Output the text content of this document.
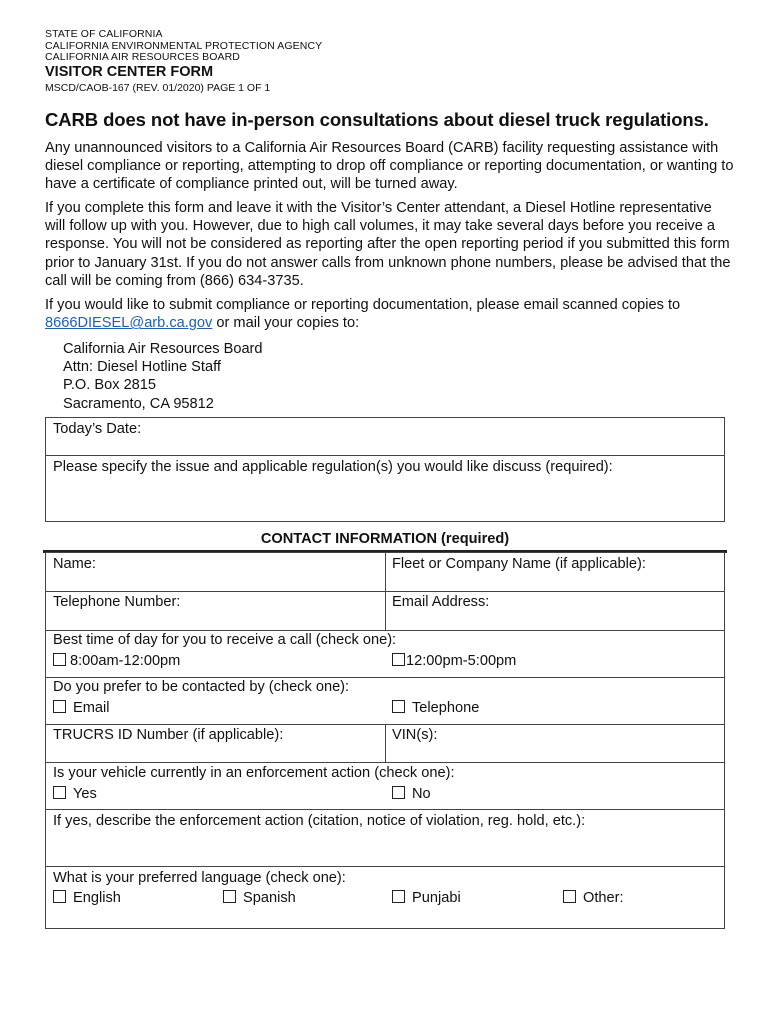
STATE OF CALIFORNIA
CALIFORNIA ENVIRONMENTAL PROTECTION AGENCY
CALIFORNIA AIR RESOURCES BOARD
VISITOR CENTER FORM
MSCD/CAOB-167 (REV. 01/2020) PAGE 1 OF 1
CARB does not have in-person consultations about diesel truck regulations.
Any unannounced visitors to a California Air Resources Board (CARB) facility requesting assistance with diesel compliance or reporting, attempting to drop off compliance or reporting documentation, or wanting to have a certificate of compliance printed out, will be turned away.
If you complete this form and leave it with the Visitor’s Center attendant, a Diesel Hotline representative will follow up with you. However, due to high call volumes, it may take several days before you receive a response. You will not be considered as reporting after the open reporting period if you submitted this form prior to January 31st. If you do not answer calls from unknown phone numbers, please be advised that the call will be coming from (866) 634-3735.
If you would like to submit compliance or reporting documentation, please email scanned copies to 8666DIESEL@arb.ca.gov or mail your copies to:
California Air Resources Board
Attn: Diesel Hotline Staff
P.O. Box 2815
Sacramento, CA 95812
Today’s Date:
Please specify the issue and applicable regulation(s) you would like discuss (required):
CONTACT INFORMATION (required)
Name:	Fleet or Company Name (if applicable):
Telephone Number:	Email Address:
Best time of day for you to receive a call (check one):
8:00am-12:00pm	12:00pm-5:00pm
Do you prefer to be contacted by (check one):
Email	Telephone
TRUCRS ID Number (if applicable):	VIN(s):
Is your vehicle currently in an enforcement action (check one):
Yes	No
If yes, describe the enforcement action (citation, notice of violation, reg. hold, etc.):
What is your preferred language (check one):
English	Spanish	Punjabi	Other:
